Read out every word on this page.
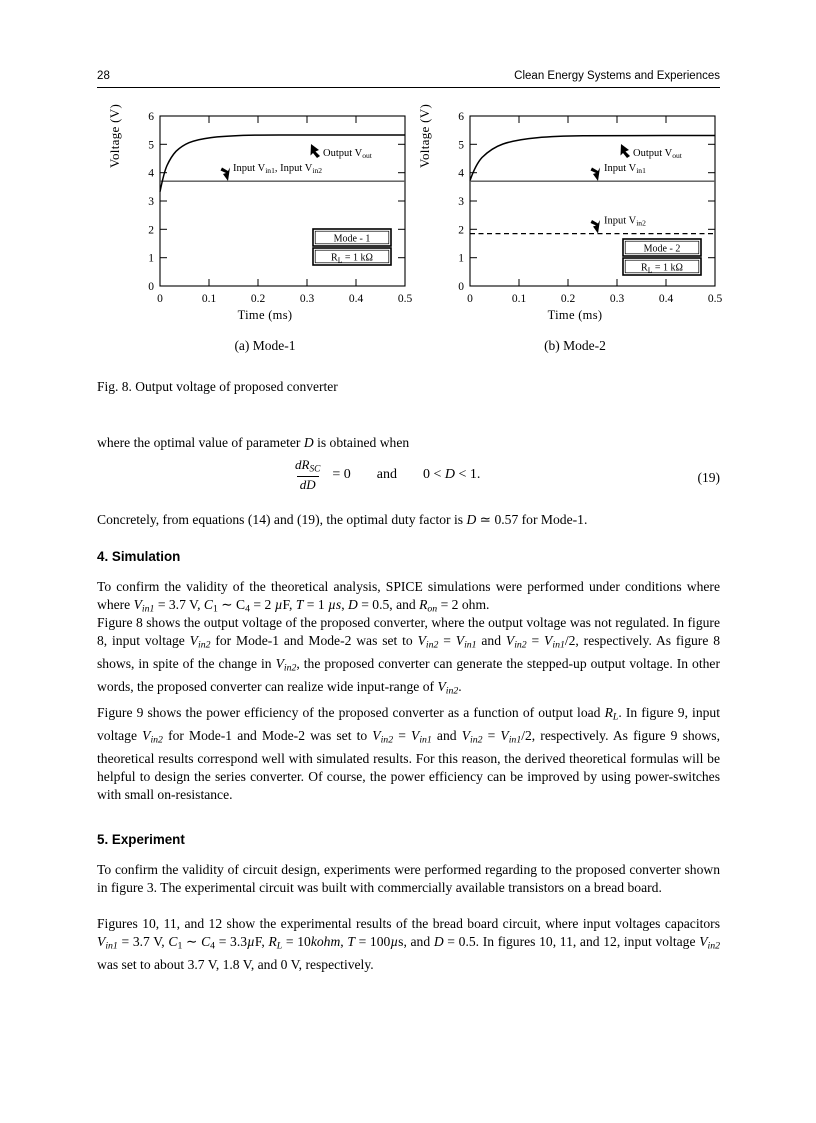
28	Clean Energy Systems and Experiences
Voltage (V)
0
1
2
3
4
5
6
0	0.1	0.2	0.3	0.4	0.5
Output Vout
Input Vin1, Input Vin2
Mode - 1
RL = 1 kΩ
Time (ms)
(a) Mode-1
Voltage (V)
0
1
2
3
4
5
6
0	0.1	0.2	0.3	0.4	0.5
Output Vout
Input Vin1
Input Vin2
Mode - 2
RL = 1 kΩ
Time (ms)
(b) Mode-2
Fig. 8. Output voltage of proposed converter
where the optimal value of parameter D is obtained when
$\frac{dR_{SC}}{dD} = 0$	and	0 < D < 1.	(19)
Concretely, from equations (14) and (19), the optimal duty factor is D ≃ 0.57 for Mode-1.
4. Simulation
To confirm the validity of the theoretical analysis, SPICE simulations were performed under conditions where where $V_{in1} = 3.7$ V, $C_1$ ∼ $C_4 = 2$ µF, T = 1 µs, D = 0.5, and $R_{on} = 2$ ohm.
Figure 8 shows the output voltage of the proposed converter, where the output voltage was not regulated. In figure 8, input voltage $V_{in2}$ for Mode-1 and Mode-2 was set to $V_{in2} = V_{in1}$ and $V_{in2} = V_{in1}/2$, respectively. As figure 8 shows, in spite of the change in $V_{in2}$, the proposed converter can generate the stepped-up output voltage. In other words, the proposed converter can realize wide input-range of $V_{in2}$.
Figure 9 shows the power efficiency of the proposed converter as a function of output load $R_L$. In figure 9, input voltage $V_{in2}$ for Mode-1 and Mode-2 was set to $V_{in2} = V_{in1}$ and $V_{in2} = V_{in1}/2$, respectively. As figure 9 shows, theoretical results correspond well with simulated results. For this reason, the derived theoretical formulas will be helpful to design the series converter. Of course, the power efficiency can be improved by using power-switches with small on-resistance.
5. Experiment
To confirm the validity of circuit design, experiments were performed regarding to the proposed converter shown in figure 3. The experimental circuit was built with commercially available transistors on a bread board.
Figures 10, 11, and 12 show the experimental results of the bread board circuit, where input voltages capacitors $V_{in1} = 3.7$ V, $C_1$ ∼ $C_4 = 3.3\mu F$, $R_L$ = 10kohm, T = 100µs, and D = 0.5. In figures 10, 11, and 12, input voltage $V_{in2}$ was set to about 3.7 V, 1.8 V, and 0 V, respectively.
